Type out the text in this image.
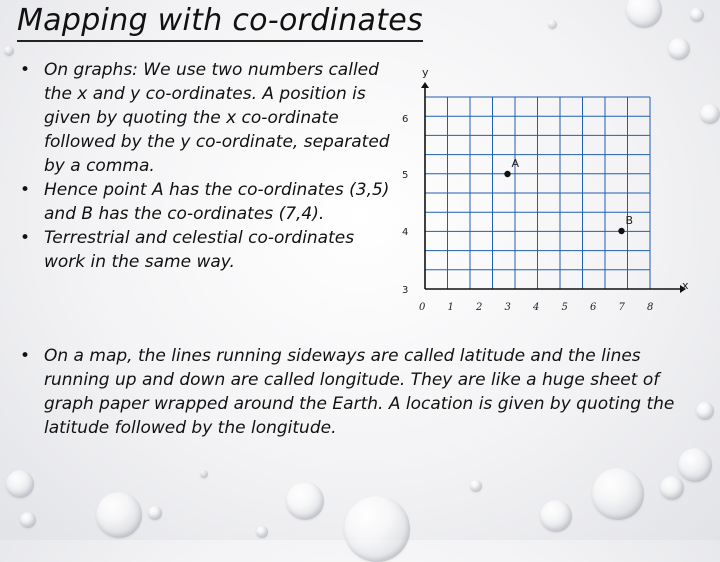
Mapping with co-ordinates
• On graphs: We use two numbers called the x and y co-ordinates. A position is given by quoting the x co-ordinate followed by the y co-ordinate, separated by a comma.
• Hence point A has the co-ordinates (3,5) and B has the co-ordinates (7,4).
• Terrestrial and celestial co-ordinates work in the same way.
6
5
4
3
0 1 2 3 4 5 6 7 8
A
B
y
x
• On a map, the lines running sideways are called latitude and the lines running up and down are called longitude. They are like a huge sheet of graph paper wrapped around the Earth. A location is given by quoting the latitude followed by the longitude.
